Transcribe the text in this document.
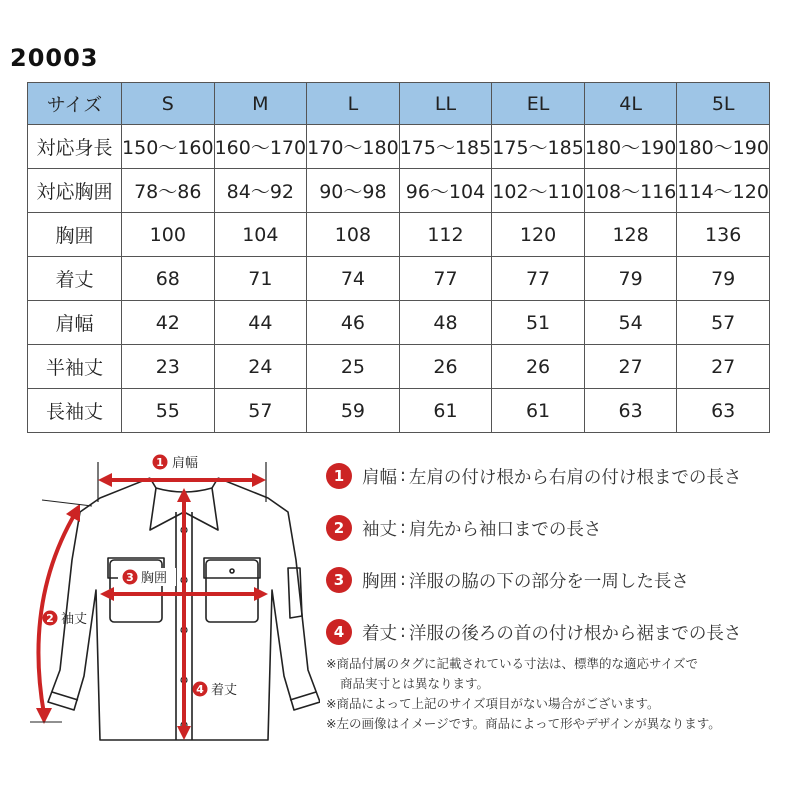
20003
サイズ	S	M	L	LL	EL	4L	5L
対応身長	150〜160	160〜170	170〜180	175〜185	175〜185	180〜190	180〜190
対応胸囲	78〜86	84〜92	90〜98	96〜104	102〜110	108〜116	114〜120
胸囲	100	104	108	112	120	128	136
着丈	68	71	74	77	77	79	79
肩幅	42	44	46	48	51	54	57
半袖丈	23	24	25	26	26	27	27
長袖丈	55	57	59	61	61	63	63
1 肩幅
2 袖丈
3 胸囲
4 着丈
1	肩幅 : 左肩の付け根から右肩の付け根までの長さ
2	袖丈 : 肩先から袖口までの長さ
3	胸囲 : 洋服の脇の下の部分を一周した長さ
4	着丈 : 洋服の後ろの首の付け根から裾までの長さ

※商品付属のタグに記載されている寸法は、標準的な適応サイズで
商品実寸とは異なります。

※商品によって上記のサイズ項目がない場合がございます。

※左の画像はイメージです。商品によって形やデザインが異なります。
